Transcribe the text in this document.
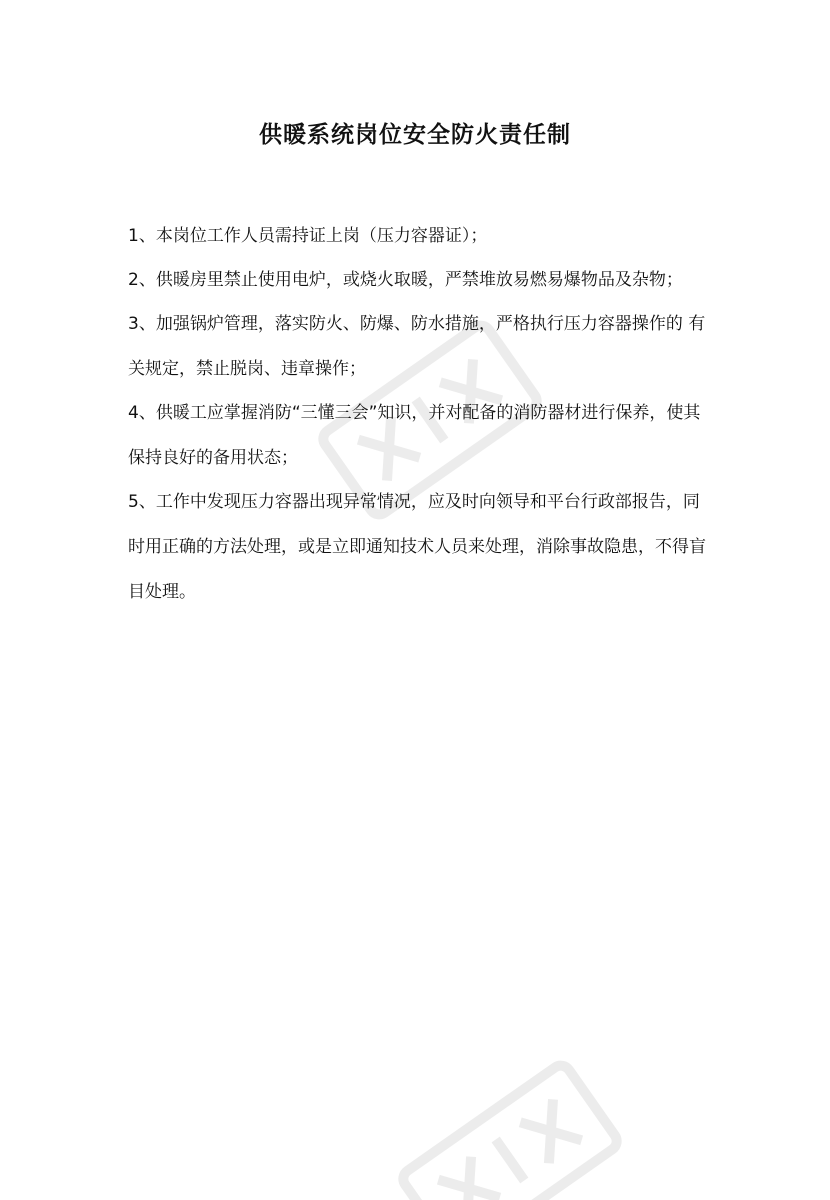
供暖系统岗位安全防火责任制
1、本岗位工作人员需持证上岗（压力容器证）；
2、供暖房里禁止使用电炉，或烧火取暖，严禁堆放易燃易爆物品及杂物；
3、加强锅炉管理，落实防火、防爆、防水措施，严格执行压力容器操作的 有关规定，禁止脱岗、违章操作；
4、供暖工应掌握消防“三懂三会”知识，并对配备的消防器材进行保养，使其保持良好的备用状态；
5、工作中发现压力容器出现异常情况，应及时向领导和平台行政部报告，同时用正确的方法处理，或是立即通知技术人员来处理，消除事故隐患，不得盲目处理。
